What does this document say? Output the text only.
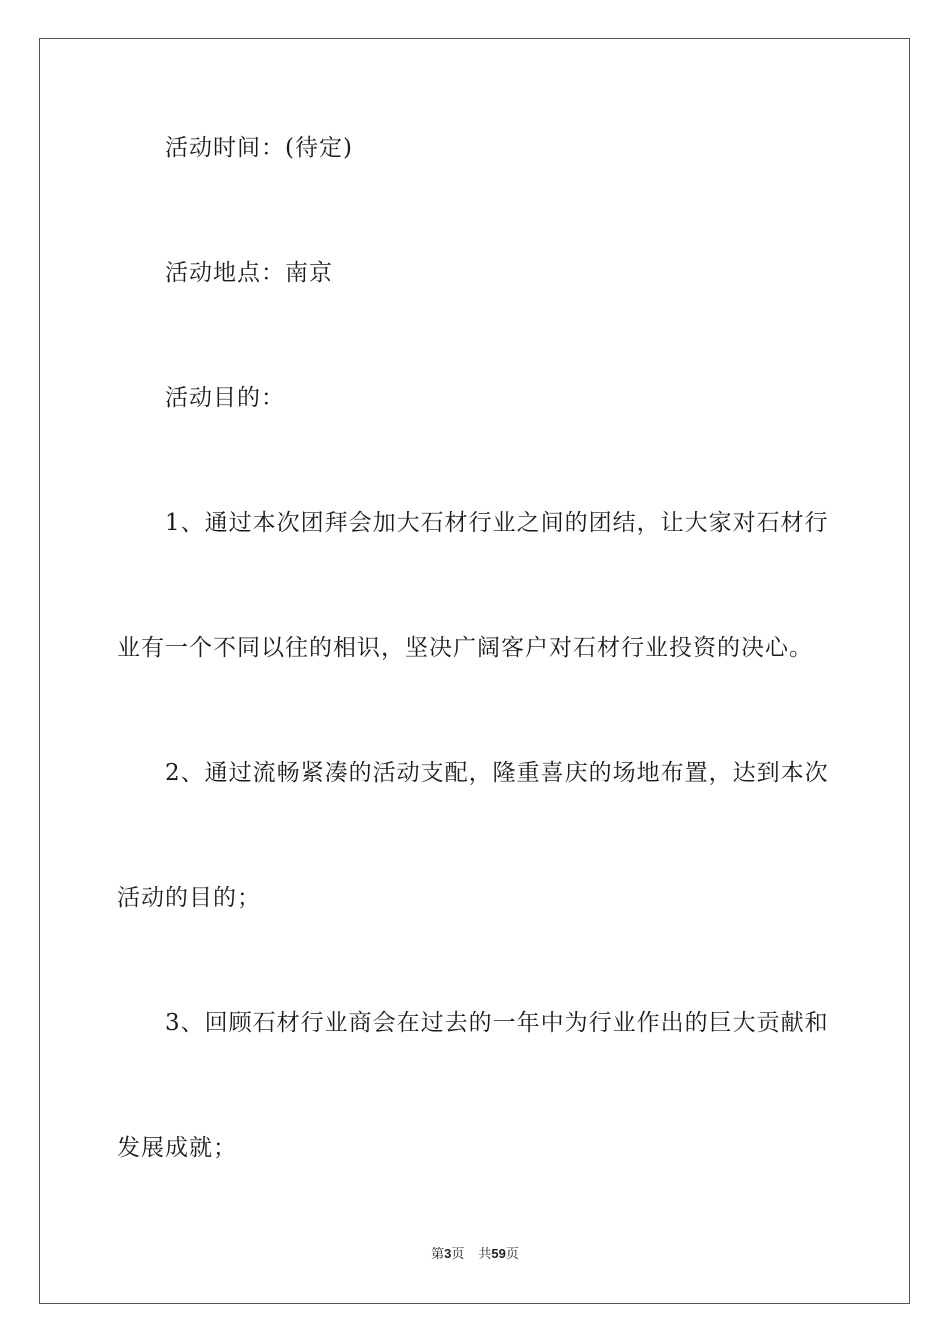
活动时间：(待定)
活动地点：南京
活动目的：
1、通过本次团拜会加大石材行业之间的团结，让大家对石材行
业有一个不同以往的相识，坚决广阔客户对石材行业投资的决心。
2、通过流畅紧凑的活动支配，隆重喜庆的场地布置，达到本次
活动的目的；
3、回顾石材行业商会在过去的一年中为行业作出的巨大贡献和
发展成就；
第3页 共59页
